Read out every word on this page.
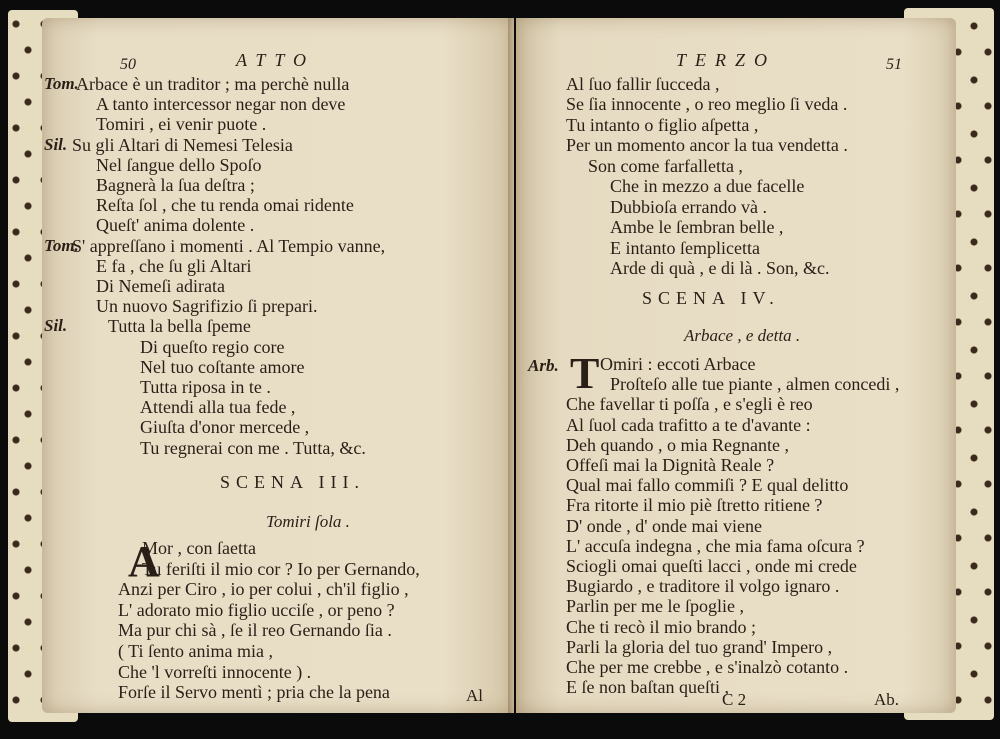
50	ATTO
Tom.
Arbace è un traditor ; ma perchè nulla
A tanto intercessor negar non deve
Tomiri , ei venir puote .
Sil. Su gli Altari di Nemesi Telesia
Nel ſangue dello Spoſo
Bagnerà la ſua deſtra ;
Reſta ſol , che tu renda omai ridente
Queſt' anima dolente .
Tom.
S' appreſſano i momenti . Al Tempio vanne,
E fa , che ſu gli Altari
Di Nemeſi adirata
Un nuovo Sagrifizio ſi prepari.
Sil. Tutta la bella ſpeme
Di queſto regio core
Nel tuo coſtante amore
Tutta riposa in te .
Attendi alla tua fede ,
Giuſta d'onor mercede ,
Tu regnerai con me . Tutta, &c.
SCENA III.
Tomiri ſola .
A
Mor , con ſaetta
Tu feriſti il mio cor ? Io per Gernando,
Anzi per Ciro , io per colui , ch'il figlio ,
L' adorato mio figlio ucciſe , or peno ?
Ma pur chi sà , ſe il reo Gernando ſia .
( Ti ſento anima mia ,
Che 'l vorreſti innocente ) .
Forſe il Servo mentì ; pria che la pena	Al
TERZO	51
Al ſuo fallir ſucceda ,
Se ſia innocente , o reo meglio ſi veda .
Tu intanto o figlio aſpetta ,
Per un momento ancor la tua vendetta .
Son come farfalletta ,
Che in mezzo a due facelle
Dubbioſa errando và .
Ambe le ſembran belle ,
E intanto ſemplicetta
Arde di quà , e di là . Son, &c.
SCENA IV.
Arbace , e detta .
Arb. T Omiri : eccoti Arbace
Proſteſo alle tue piante , almen concedi ,
Che favellar ti poſſa , e s'egli è reo
Al ſuol cada trafitto a te d'avante :
Deh quando , o mia Regnante ,
Offeſi mai la Dignità Reale ?
Qual mai fallo commiſi ? E qual delitto
Fra ritorte il mio piè ſtretto ritiene ?
D' onde , d' onde mai viene
L' accuſa indegna , che mia fama oſcura ?
Sciogli omai queſti lacci , onde mi crede
Bugiardo , e traditore il volgo ignaro .
Parlin per me le ſpoglie ,
Che ti recò il mio brando ;
Parli la gloria del tuo grand' Impero ,
Che per me crebbe , e s'inalzò cotanto .
E ſe non baſtan queſti ,
C 2	Ab.
